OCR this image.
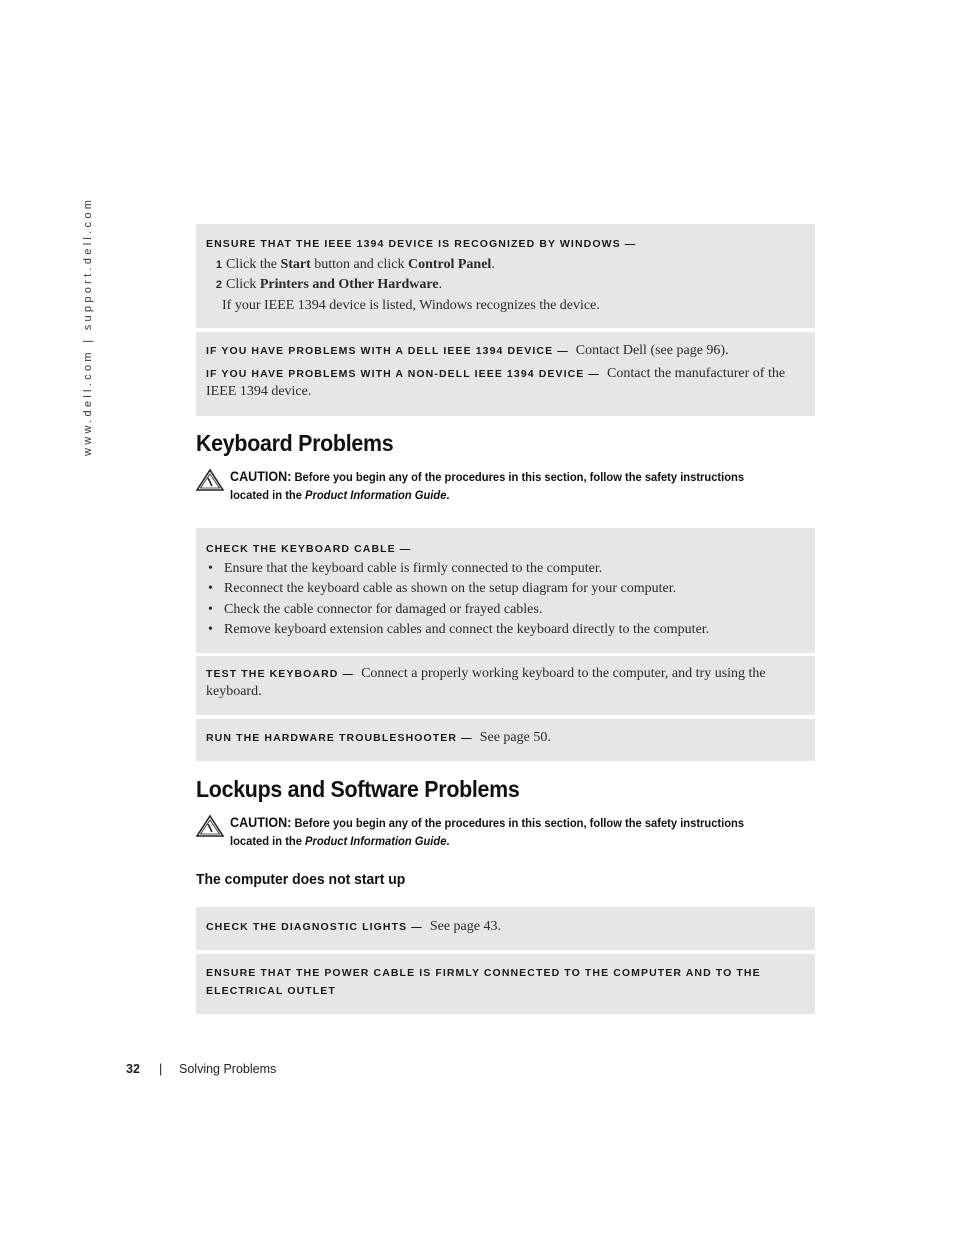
www.dell.com | support.dell.com	ENSURE THAT THE IEEE 1394 DEVICE IS RECOGNIZED BY WINDOWS —
1 Click the Start button and click Control Panel.
2 Click Printers and Other Hardware.
If your IEEE 1394 device is listed, Windows recognizes the device.
IF YOU HAVE PROBLEMS WITH A DELL IEEE 1394 DEVICE — Contact Dell (see page 96).
IF YOU HAVE PROBLEMS WITH A NON-DELL IEEE 1394 DEVICE — Contact the manufacturer of the IEEE 1394 device.
Keyboard Problems
CAUTION: Before you begin any of the procedures in this section, follow the safety instructions located in the Product Information Guide.
CHECK THE KEYBOARD CABLE —
• Ensure that the keyboard cable is firmly connected to the computer.
• Reconnect the keyboard cable as shown on the setup diagram for your computer.
• Check the cable connector for damaged or frayed cables.
• Remove keyboard extension cables and connect the keyboard directly to the computer.
TEST THE KEYBOARD — Connect a properly working keyboard to the computer, and try using the keyboard.
RUN THE HARDWARE TROUBLESHOOTER — See page 50.
Lockups and Software Problems
CAUTION: Before you begin any of the procedures in this section, follow the safety instructions located in the Product Information Guide.
The computer does not start up
CHECK THE DIAGNOSTIC LIGHTS — See page 43.
ENSURE THAT THE POWER CABLE IS FIRMLY CONNECTED TO THE COMPUTER AND TO THE ELECTRICAL OUTLET
32 | Solving Problems
